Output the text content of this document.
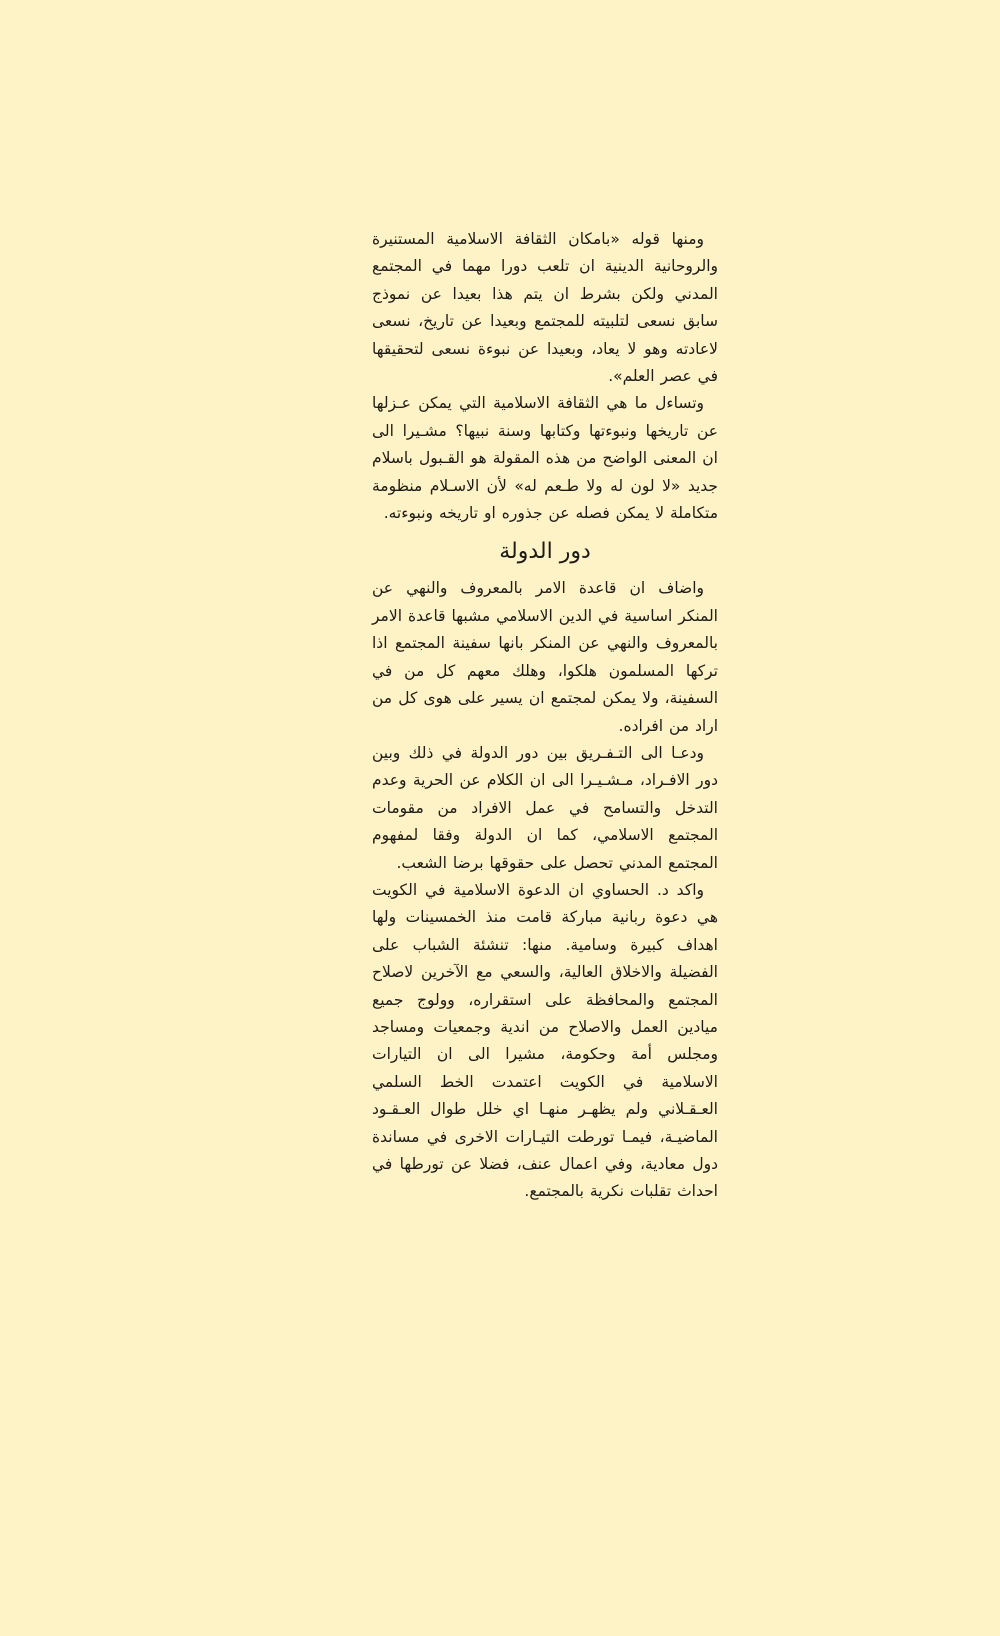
ومنها قوله «بامكان الثقافة الاسلامية المستنيرة والروحانية الدينية ان تلعب دورا مهما في المجتمع المدني ولكن بشرط ان يتم هذا بعيدا عن نموذج سابق نسعى لتلبيته للمجتمع وبعيدا عن تاريخ، نسعى لاعادته وهو لا يعاد، وبعيدا عن نبوءة نسعى لتحقيقها في عصر العلم».

وتساءل ما هي الثقافة الاسلامية التي يمكن عـزلها عن تاريخها ونبوءتها وكتابها وسنة نبيها؟ مشـيرا الى ان المعنى الواضح من هذه المقولة هو القـبول باسلام جديد «لا لون له ولا طـعم له» لأن الاسـلام منظومة متكاملة لا يمكن فصله عن جذوره او تاريخه ونبوءته.

دور الدولة

واضاف ان قاعدة الامر بالمعروف والنهي عن المنكر اساسية في الدين الاسلامي مشبها قاعدة الامر بالمعروف والنهي عن المنكر بانها سفينة المجتمع اذا تركها المسلمون هلكوا، وهلك معهم كل من في السفينة، ولا يمكن لمجتمع ان يسير على هوى كل من اراد من افراده.

ودعـا الى التـفـريق بين دور الدولة في ذلك وبين دور الافـراد، مـشـيـرا الى ان الكلام عن الحرية وعدم التدخل والتسامح في عمل الافراد من مقومات المجتمع الاسلامي، كما ان الدولة وفقا لمفهوم المجتمع المدني تحصل على حقوقها برضا الشعب.

واكد د. الحساوي ان الدعوة الاسلامية في الكويت هي دعوة ربانية مباركة قامت منذ الخمسينات ولها اهداف كبيرة وسامية. منها: تنشئة الشباب على الفضيلة والاخلاق العالية، والسعي مع الآخرين لاصلاح المجتمع والمحافظة على استقراره، وولوج جميع ميادين العمل والاصلاح من اندية وجمعيات ومساجد ومجلس أمة وحكومة، مشيرا الى ان التيارات الاسلامية في الكويت اعتمدت الخط السلمي العـقـلاني ولم يظهـر منهـا اي خلل طوال العـقـود الماضيـة، فيمـا تورطت التيـارات الاخرى في مساندة دول معادية، وفي اعمال عنف، فضلا عن تورطها في احداث تقلبات نكرية بالمجتمع.
